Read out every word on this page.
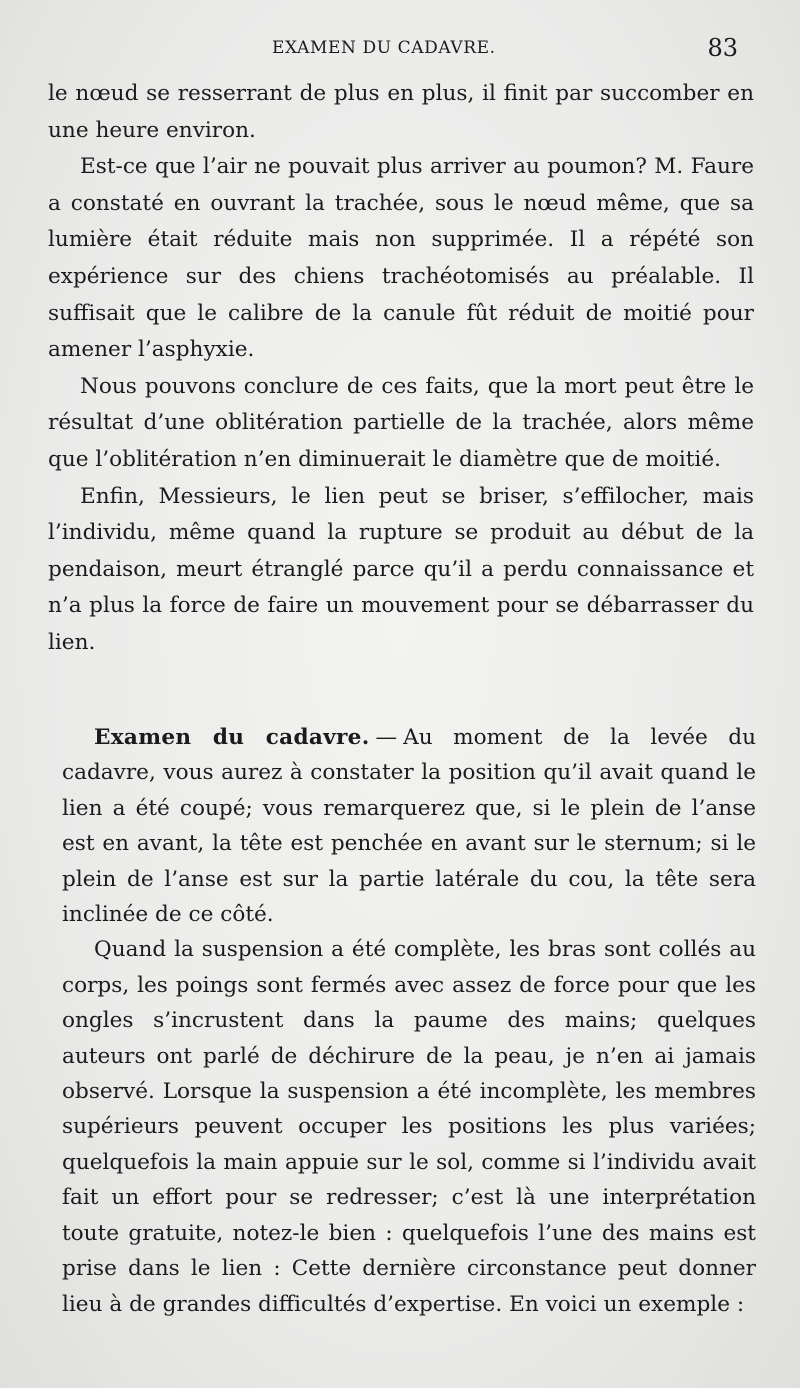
EXAMEN DU CADAVRE.	83

le nœud se resserrant de plus en plus, il finit par succomber en une heure environ.

Est-ce que l’air ne pouvait plus arriver au poumon? M. Faure a constaté en ouvrant la trachée, sous le nœud même, que sa lumière était réduite mais non supprimée. Il a répété son expérience sur des chiens trachéotomisés au préalable. Il suffisait que le calibre de la canule fût réduit de moitié pour amener l’asphyxie.

Nous pouvons conclure de ces faits, que la mort peut être le résultat d’une oblitération partielle de la trachée, alors même que l’oblitération n’en diminuerait le diamètre que de moitié.

Enfin, Messieurs, le lien peut se briser, s’effilocher, mais l’individu, même quand la rupture se produit au début de la pendaison, meurt étranglé parce qu’il a perdu connaissance et n’a plus la force de faire un mouvement pour se débarrasser du lien.

Examen du cadavre. — Au moment de la levée du cadavre, vous aurez à constater la position qu’il avait quand le lien a été coupé; vous remarquerez que, si le plein de l’anse est en avant, la tête est penchée en avant sur le sternum; si le plein de l’anse est sur la partie latérale du cou, la tête sera inclinée de ce côté.

Quand la suspension a été complète, les bras sont collés au corps, les poings sont fermés avec assez de force pour que les ongles s’incrustent dans la paume des mains; quelques auteurs ont parlé de déchirure de la peau, je n’en ai jamais observé. Lorsque la suspension a été incomplète, les membres supérieurs peuvent occuper les positions les plus variées; quelquefois la main appuie sur le sol, comme si l’individu avait fait un effort pour se redresser; c’est là une interprétation toute gratuite, notez-le bien : quelquefois l’une des mains est prise dans le lien : Cette dernière circonstance peut donner lieu à de grandes difficultés d’expertise. En voici un exemple :
